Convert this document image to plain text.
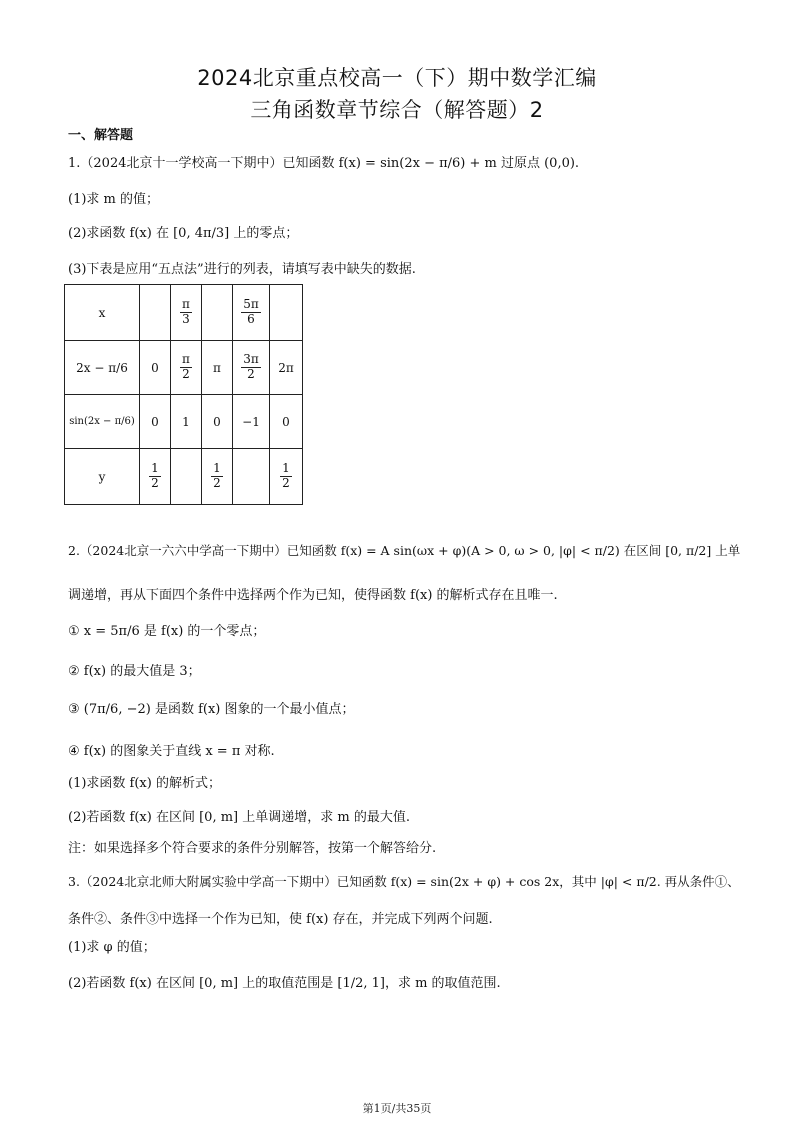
2024北京重点校高一（下）期中数学汇编
三角函数章节综合（解答题）2
一、解答题
1.（2024北京十一学校高一下期中）已知函数 f(x) = sin(2x − π/6) + m 过原点 (0,0).
(1)求 m 的值；
(2)求函数 f(x) 在 [0, 4π/3] 上的零点；
(3)下表是应用“五点法”进行的列表，请填写表中缺失的数据.
x		$\frac{\pi}{3}$		$\frac{5\pi}{6}$

2x − π/6	0	$\frac{\pi}{2}$	π	$\frac{3\pi}{2}$	2π
sin(2x − π/6)	0	1	0	−1	0
y	$\frac{1}{2}$		$\frac{1}{2}$		$\frac{1}{2}$
2.（2024北京一六六中学高一下期中）已知函数 f(x) = A sin(ωx + φ)(A > 0, ω > 0, |φ| < π/2) 在区间 [0, π/2] 上单
调递增，再从下面四个条件中选择两个作为已知，使得函数 f(x) 的解析式存在且唯一.
① x = 5π/6 是 f(x) 的一个零点；
② f(x) 的最大值是 3；
③ (7π/6, −2) 是函数 f(x) 图象的一个最小值点；
④ f(x) 的图象关于直线 x = π 对称.
(1)求函数 f(x) 的解析式；
(2)若函数 f(x) 在区间 [0, m] 上单调递增，求 m 的最大值.
注：如果选择多个符合要求的条件分别解答，按第一个解答给分.
3.（2024北京北师大附属实验中学高一下期中）已知函数 f(x) = sin(2x + φ) + cos 2x，其中 |φ| < π/2. 再从条件①、
条件②、条件③中选择一个作为已知，使 f(x) 存在，并完成下列两个问题.
(1)求 φ 的值；
(2)若函数 f(x) 在区间 [0, m] 上的取值范围是 [1/2, 1]，求 m 的取值范围.
第1页/共35页
